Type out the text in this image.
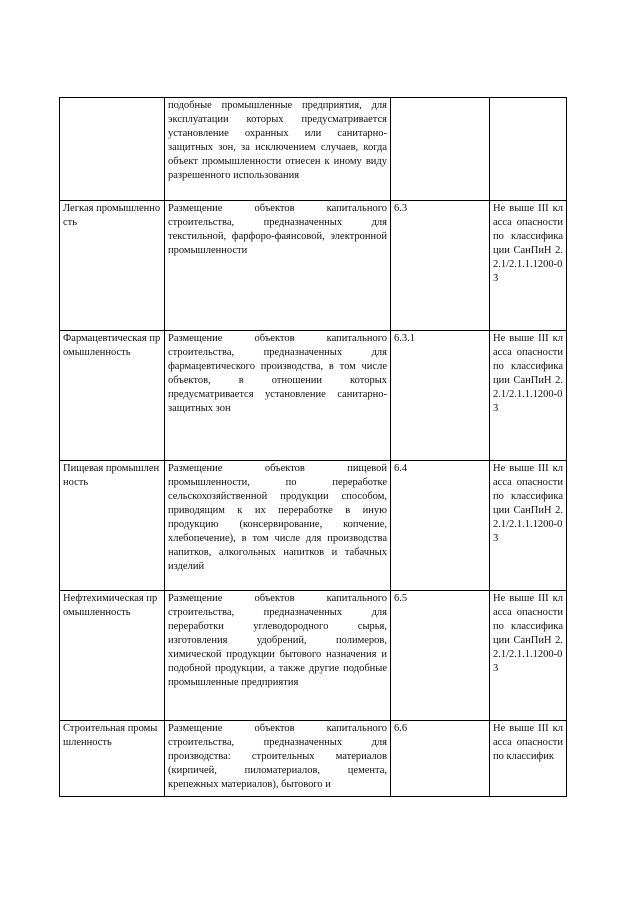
	подобные промышленные предприятия, для эксплуатации которых предусматривается установление охранных или санитарно-защитных зон, за исключением случаев, когда объект промышленности отнесен к иному виду разрешенного использования		
Легкая промышленность	Размещение объектов капитального строительства, предназначенных для текстильной, фарфоро-фаянсовой, электронной промышленности	6.3	Не выше III класса опасности по классификации СанПиН 2.2.1/2.1.1.1200-03
Фармацевтическая промышленность	Размещение объектов капитального строительства, предназначенных для фармацевтического производства, в том числе объектов, в отношении которых предусматривается установление санитарно-защитных зон	6.3.1	Не выше III класса опасности по классификации СанПиН 2.2.1/2.1.1.1200-03
Пищевая промышленность	Размещение объектов пищевой промышленности, по переработке сельскохозяйственной продукции способом, приводящим к их переработке в иную продукцию (консервирование, копчение, хлебопечение), в том числе для производства напитков, алкогольных напитков и табачных изделий	6.4	Не выше III класса опасности по классификации СанПиН 2.2.1/2.1.1.1200-03
Нефтехимическая промышленность	Размещение объектов капитального строительства, предназначенных для переработки углеводородного сырья, изготовления удобрений, полимеров, химической продукции бытового назначения и подобной продукции, а также другие подобные промышленные предприятия	6.5	Не выше III класса опасности по классификации СанПиН 2.2.1/2.1.1.1200-03
Строительная промышленность	Размещение объектов капитального строительства, предназначенных для производства: строительных материалов (кирпичей, пиломатериалов, цемента, крепежных материалов), бытового и	6.6	Не выше III класса опасности по классифик
